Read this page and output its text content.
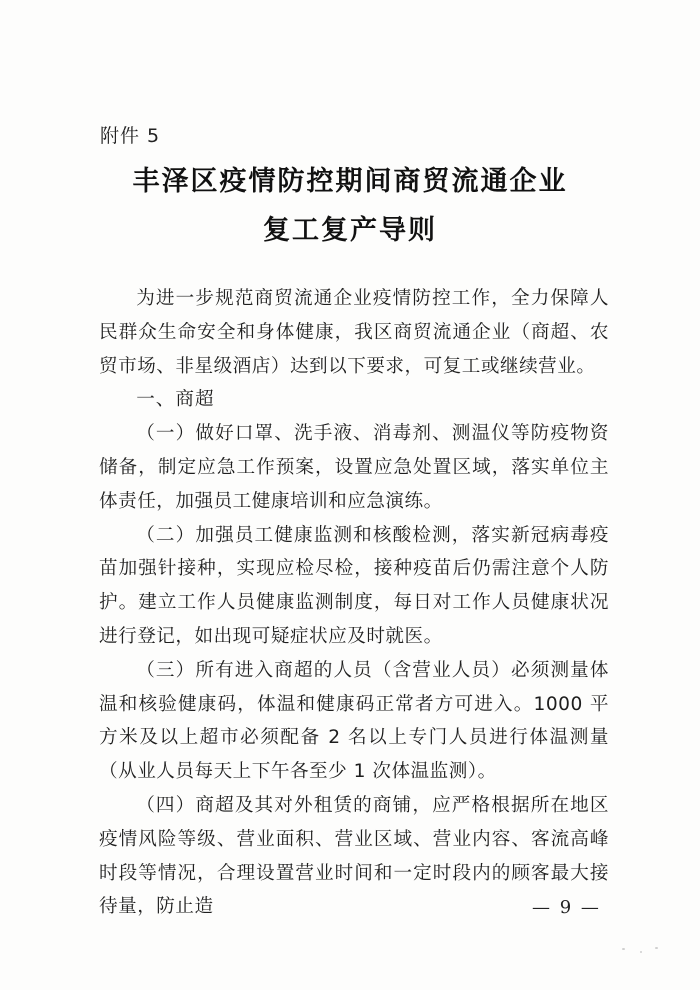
附件 5
丰泽区疫情防控期间商贸流通企业
复工复产导则

为进一步规范商贸流通企业疫情防控工作，全力保障人民群众生命安全和身体健康，我区商贸流通企业（商超、农贸市场、非星级酒店）达到以下要求，可复工或继续营业。

一、商超

（一）做好口罩、洗手液、消毒剂、测温仪等防疫物资储备，制定应急工作预案，设置应急处置区域，落实单位主体责任，加强员工健康培训和应急演练。

（二）加强员工健康监测和核酸检测，落实新冠病毒疫苗加强针接种，实现应检尽检，接种疫苗后仍需注意个人防护。建立工作人员健康监测制度，每日对工作人员健康状况进行登记，如出现可疑症状应及时就医。

（三）所有进入商超的人员（含营业人员）必须测量体温和核验健康码，体温和健康码正常者方可进入。1000 平方米及以上超市必须配备 2 名以上专门人员进行体温测量（从业人员每天上下午各至少 1 次体温监测）。

（四）商超及其对外租赁的商铺，应严格根据所在地区疫情风险等级、营业面积、营业区域、营业内容、客流高峰时段等情况，合理设置营业时间和一定时段内的顾客最大接待量，防止造	— 9 —
